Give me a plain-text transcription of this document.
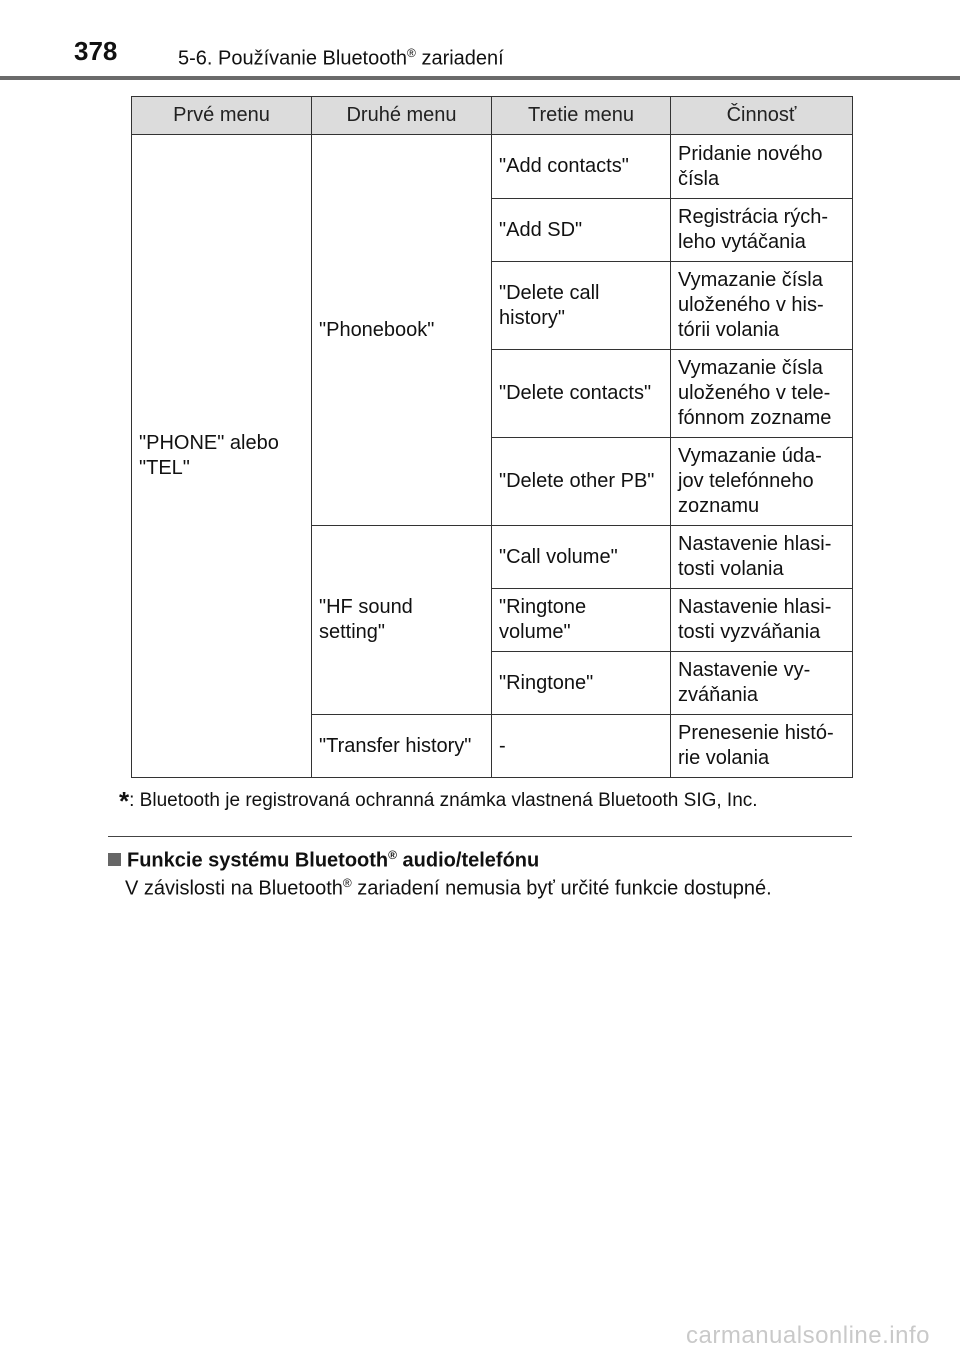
378	5-6. Používanie Bluetooth® zariadení
Prvé menu	Druhé menu	Tretie menu	Činnosť
"PHONE" alebo "TEL"	"Phonebook"	"Add contacts"	Pridanie nového čísla
		"Add SD"	Registrácia rých-leho vytáčania
		"Delete call history"	Vymazanie čísla uloženého v his-tórii volania
		"Delete contacts"	Vymazanie čísla uloženého v tele-fónnom zozname
		"Delete other PB"	Vymazanie úda-jov telefónneho zoznamu
	"HF sound setting"	"Call volume"	Nastavenie hlasi-tosti volania
		"Ringtone volume"	Nastavenie hlasi-tosti vyzváňania
		"Ringtone"	Nastavenie vy-zváňania
	"Transfer history"	-	Prenesenie histó-rie volania
*: Bluetooth je registrovaná ochranná známka vlastnená Bluetooth SIG, Inc.
Funkcie systému Bluetooth® audio/telefónu
V závislosti na Bluetooth® zariadení nemusia byť určité funkcie dostupné.
carmanualsonline.info
